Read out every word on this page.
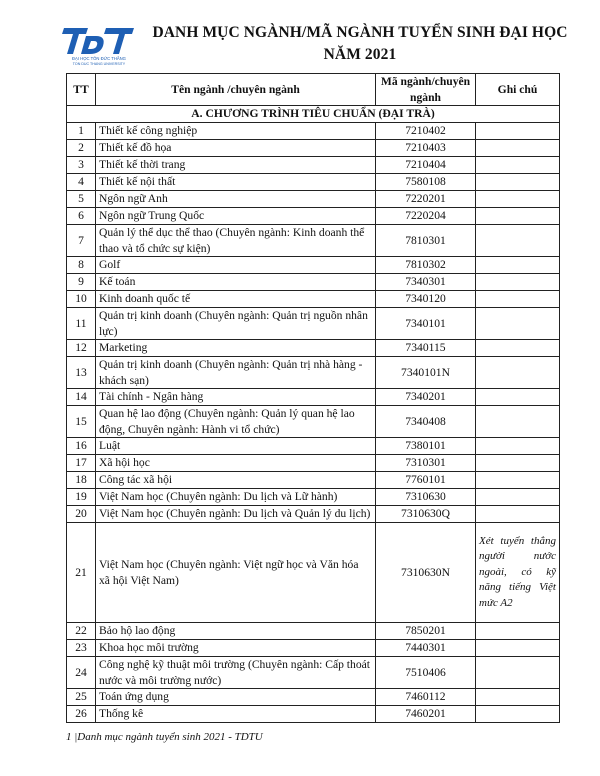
ĐẠI HỌC TÔN ĐỨC THẮNG
TON DUC THANG UNIVERSITY
DANH MỤC NGÀNH/MÃ NGÀNH TUYỂN SINH ĐẠI HỌC
NĂM 2021
TT	Tên ngành /chuyên ngành	Mã ngành/chuyên ngành	Ghi chú
A. CHƯƠNG TRÌNH TIÊU CHUẨN (ĐẠI TRÀ)			
1	Thiết kế công nghiệp	7210402	
2	Thiết kế đồ họa	7210403	
3	Thiết kế thời trang	7210404	
4	Thiết kế nội thất	7580108	
5	Ngôn ngữ Anh	7220201	
6	Ngôn ngữ Trung Quốc	7220204	
7	Quản lý thể dục thể thao (Chuyên ngành: Kinh doanh thể thao và tổ chức sự kiện)	7810301	
8	Golf	7810302	
9	Kế toán	7340301	
10	Kinh doanh quốc tế	7340120	
11	Quản trị kinh doanh (Chuyên ngành: Quản trị nguồn nhân lực)	7340101	
12	Marketing	7340115	
13	Quản trị kinh doanh (Chuyên ngành: Quản trị nhà hàng - khách sạn)	7340101N	
14	Tài chính - Ngân hàng	7340201	
15	Quan hệ lao động (Chuyên ngành: Quản lý quan hệ lao động, Chuyên ngành: Hành vi tổ chức)	7340408	
16	Luật	7380101	
17	Xã hội học	7310301	
18	Công tác xã hội	7760101	
19	Việt Nam học (Chuyên ngành: Du lịch và Lữ hành)	7310630	
20	Việt Nam học (Chuyên ngành: Du lịch và Quản lý du lịch)	7310630Q	
21	Việt Nam học (Chuyên ngành: Việt ngữ học và Văn hóa xã hội Việt Nam)	7310630N	Xét tuyển thẳng người nước ngoài, có kỹ năng tiếng Việt mức A2
22	Bảo hộ lao động	7850201	
23	Khoa học môi trường	7440301	
24	Công nghệ kỹ thuật môi trường (Chuyên ngành: Cấp thoát nước và môi trường nước)	7510406	
25	Toán ứng dụng	7460112	
26	Thống kê	7460201	
1 |Danh mục ngành tuyển sinh 2021 - TDTU
